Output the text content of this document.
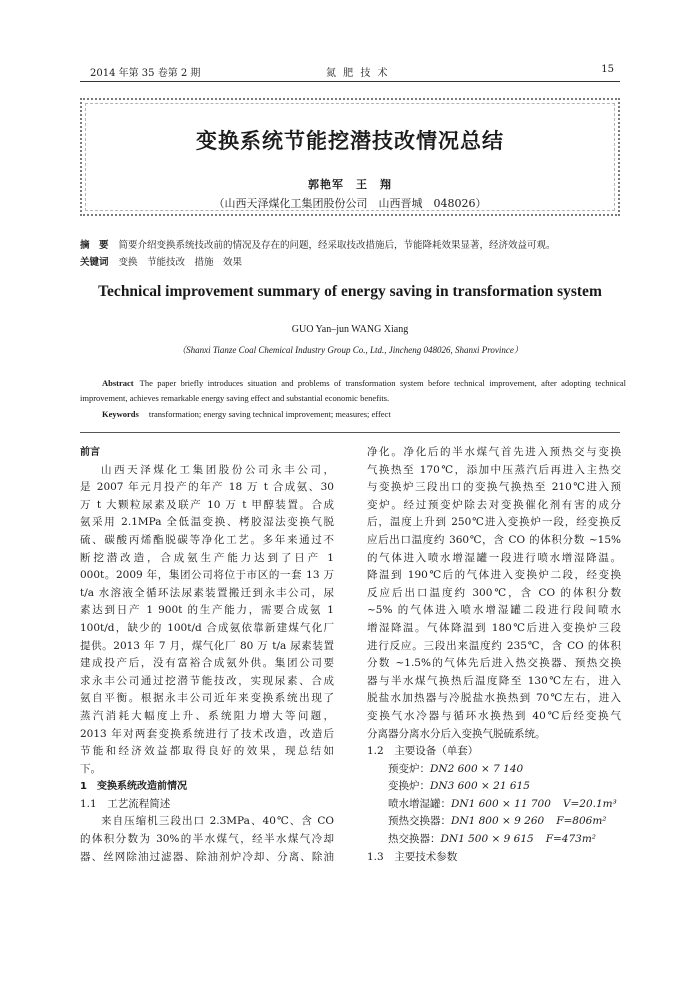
2014 年第 35 卷第 2 期	氮 肥 技 术	15
变换系统节能挖潜技改情况总结
郭艳军　王　翔
（山西天泽煤化工集团股份公司　山西晋城　048026）
摘　要 简要介绍变换系统技改前的情况及存在的问题，经采取技改措施后，节能降耗效果显著，经济效益可观。
关键词 变换　节能技改　措施　效果
Technical improvement summary of energy saving in transformation system
GUO Yan–jun WANG Xiang
（Shanxi Tianze Coal Chemical Industry Group Co., Ltd., Jincheng 048026, Shanxi Province）
Abstract The paper briefly introduces situation and problems of transformation system before technical improvement, after adopting technical improvement, achieves remarkable energy saving effect and substantial economic benefits.
Keywords transformation; energy saving technical improvement; measures; effect

前言

山西天泽煤化工集团股份公司永丰公司，

是 2007 年元月投产的年产 18 万 t 合成氨、30

万 t 大颗粒尿素及联产 10 万 t 甲醇装置。合成

氨采用 2.1MPa 全低温变换、栲胶湿法变换气脱

硫、碳酸丙烯酯脱碳等净化工艺。多年来通过不

断挖潜改造，合成氨生产能力达到了日产 1

000t。2009 年，集团公司将位于市区的一套 13 万

t/a 水溶液全循环法尿素装置搬迁到永丰公司，尿

素达到日产 1 900t 的生产能力，需要合成氨 1

100t/d，缺少的 100t/d 合成氨依靠新建煤气化厂

提供。2013 年 7 月，煤气化厂 80 万 t/a 尿素装置

建成投产后，没有富裕合成氨外供。集团公司要

求永丰公司通过挖潜节能技改，实现尿素、合成

氨自平衡。根据永丰公司近年来变换系统出现了

蒸汽消耗大幅度上升、系统阻力增大等问题，

2013 年对两套变换系统进行了技术改造，改造后

节能和经济效益都取得良好的效果，现总结如

下。

1　变换系统改造前情况

1.1　工艺流程简述

来自压缩机三段出口 2.3MPa、40℃、含 CO

的体积分数为 30%的半水煤气，经半水煤气冷却

器、丝网除油过滤器、除油剂炉冷却、分离、除油

净化。净化后的半水煤气首先进入预热交与变换

气换热至 170℃，添加中压蒸汽后再进入主热交

与变换炉三段出口的变换气换热至 210℃进入预

变炉。经过预变炉除去对变换催化剂有害的成分

后，温度上升到 250℃进入变换炉一段，经变换反

应后出口温度约 360℃，含 CO 的体积分数 ~15%

的气体进入喷水增湿罐一段进行喷水增湿降温。

降温到 190℃后的气体进入变换炉二段，经变换

反应后出口温度约 300℃，含 CO 的体积分数

~5% 的气体进入喷水增湿罐二段进行段间喷水

增湿降温。气体降温到 180℃后进入变换炉三段

进行反应。三段出来温度约 235℃，含 CO 的体积

分数 ~1.5%的气体先后进入热交换器、预热交换

器与半水煤气换热后温度降至 130℃左右，进入

脱盐水加热器与冷脱盐水换热到 70℃左右，进入

变换气水冷器与循环水换热到 40℃后经变换气

分离器分离水分后入变换气脱硫系统。

1.2　主要设备（单套）

预变炉：DN2 600 × 7 140

变换炉：DN3 600 × 21 615

喷水增湿罐：DN1 600 × 11 700 V=20.1m³

预热交换器：DN1 800 × 9 260 F=806m²

热交换器：DN1 500 × 9 615 F=473m²

1.3　主要技术参数
